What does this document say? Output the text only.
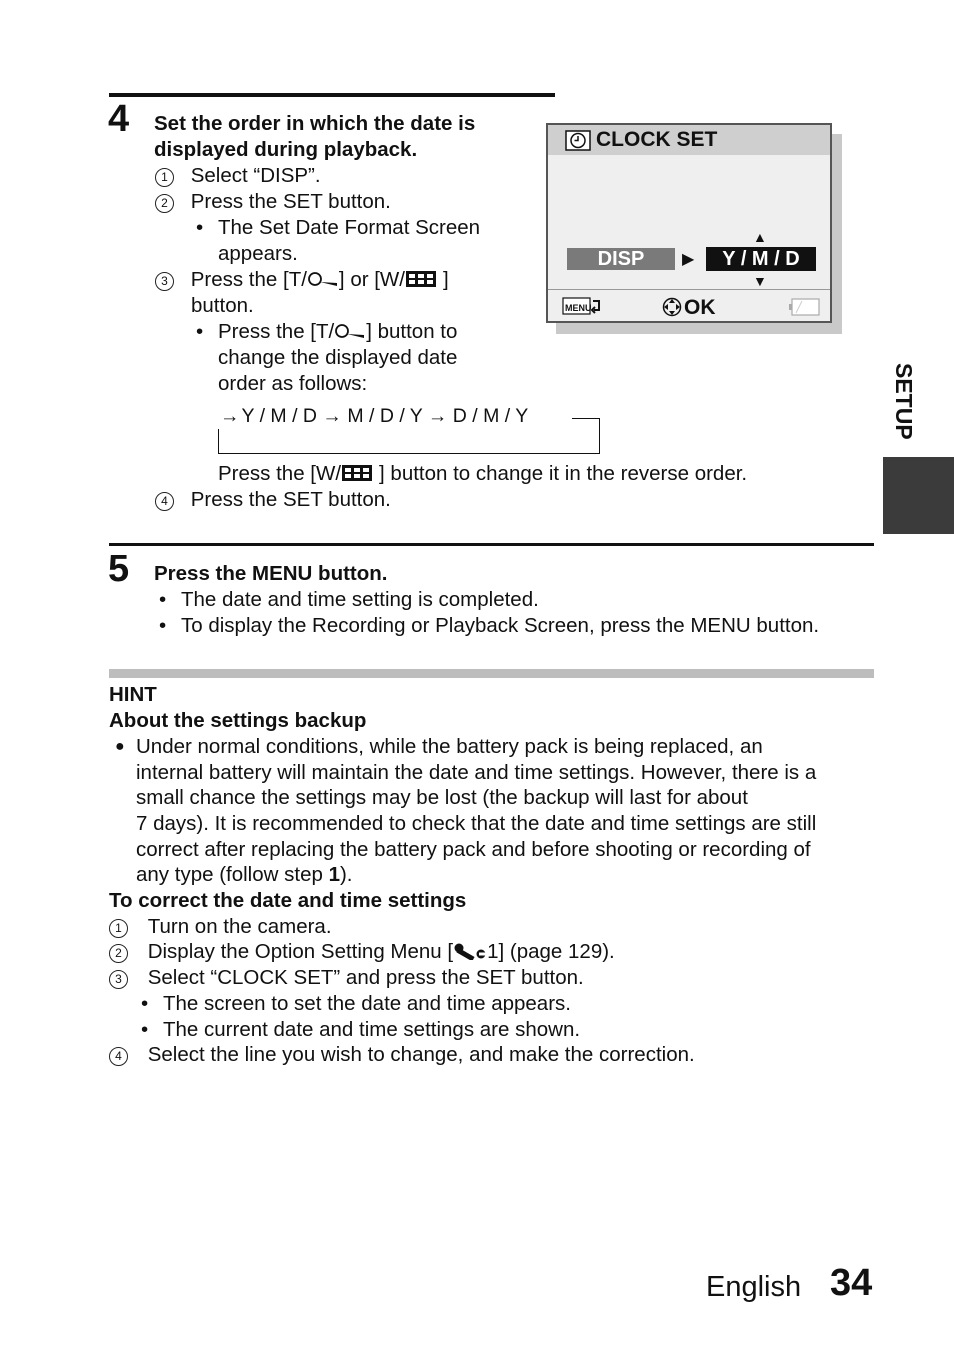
4 Set the order in which the date is
displayed during playback.
1 Select “DISP”.
2 Press the SET button.
• The Set Date Format Screen
appears.
3 Press the [T/ ] or [W/ ]
button.
• Press the [T/ ] button to
change the displayed date
order as follows:
→ Y / M / D → M / D / Y → D / M / Y
Press the [W/ ] button to change it in the reverse order.
4 Press the SET button.
CLOCK SET
▲
DISP	▶	Y / M / D
▼
MENU	OK
5 Press the MENU button.
• The date and time setting is completed.
• To display the Recording or Playback Screen, press the MENU button.
HINT
About the settings backup
● Under normal conditions, while the battery pack is being replaced, an
internal battery will maintain the date and time settings. However, there is a
small chance the settings may be lost (the backup will last for about
7 days). It is recommended to check that the date and time settings are still
correct after replacing the battery pack and before shooting or recording of
any type (follow step 1).
To correct the date and time settings
1 Turn on the camera.
2 Display the Option Setting Menu [ 1] (page 129).
3 Select “CLOCK SET” and press the SET button.
• The screen to set the date and time appears.
• The current date and time settings are shown.
4 Select the line you wish to change, and make the correction.
SETUP
English 34
